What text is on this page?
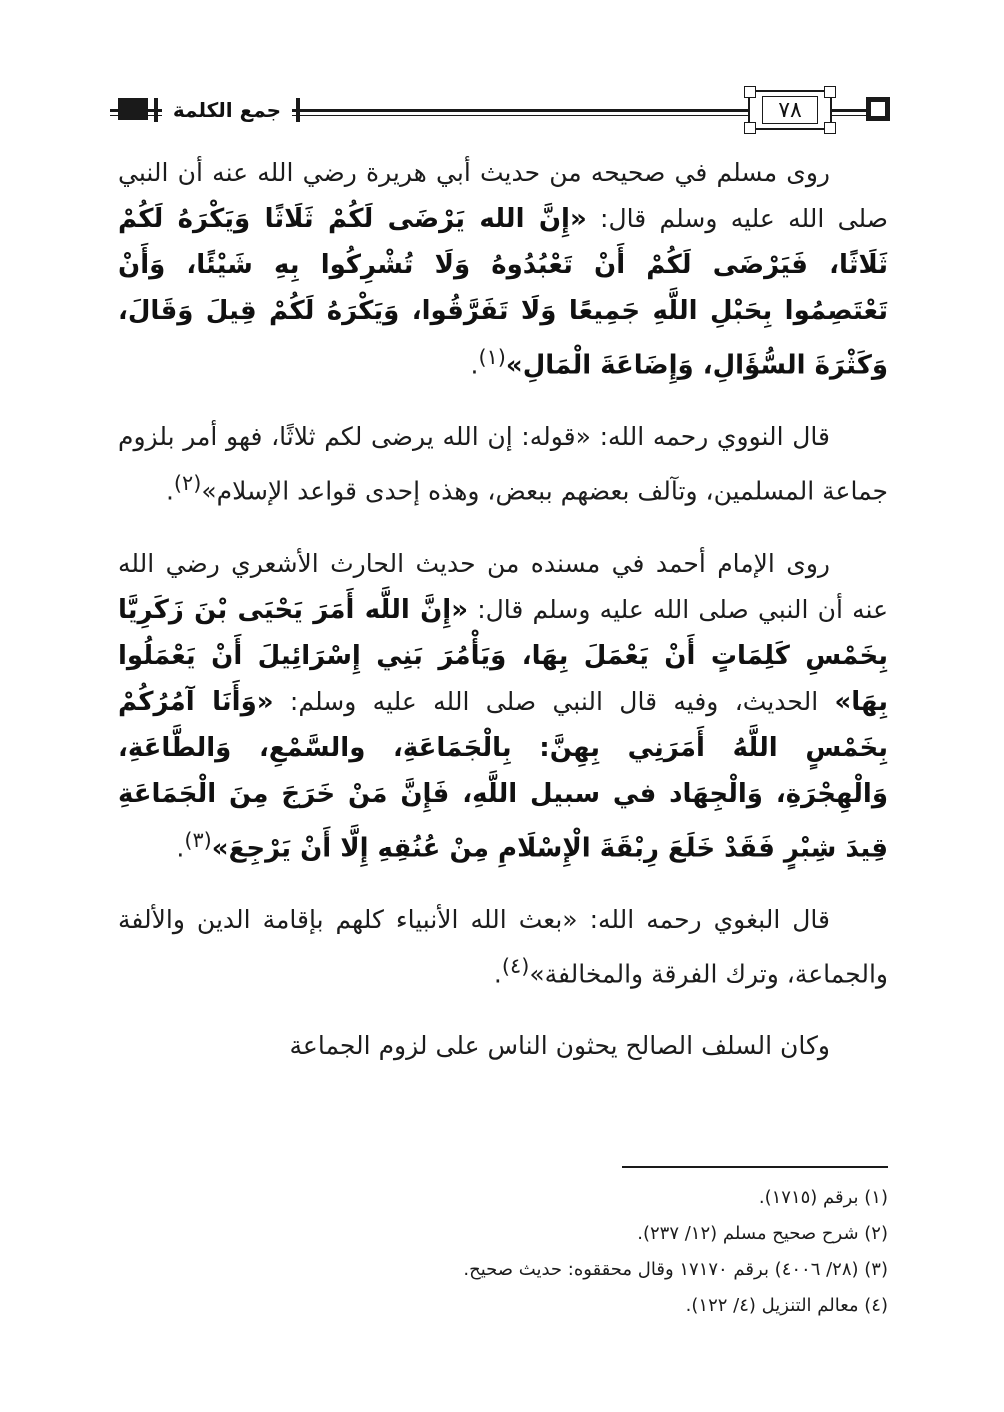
جمع الكلمة	٧٨

روى مسلم في صحيحه من حديث أبي هريرة رضي الله عنه أن النبي صلى الله عليه وسلم قال: «إِنَّ الله يَرْضَى لَكُمْ ثَلَاثًا وَيَكْرَهُ لَكُمْ ثَلَاثًا، فَيَرْضَى لَكُمْ أَنْ تَعْبُدُوهُ وَلَا تُشْرِكُوا بِهِ شَيْئًا، وَأَنْ تَعْتَصِمُوا بِحَبْلِ اللَّهِ جَمِيعًا وَلَا تَفَرَّقُوا، وَيَكْرَهُ لَكُمْ قِيلَ وَقَالَ، وَكَثْرَةَ السُّؤَالِ، وَإِضَاعَةَ الْمَالِ»$^{(١)}$.

قال النووي رحمه الله: «قوله: إن الله يرضى لكم ثلاثًا، فهو أمر بلزوم جماعة المسلمين، وتآلف بعضهم ببعض، وهذه إحدى قواعد الإسلام»$^{(٢)}$.

روى الإمام أحمد في مسنده من حديث الحارث الأشعري رضي الله عنه أن النبي صلى الله عليه وسلم قال: «إِنَّ اللَّه أَمَرَ يَحْيَى بْنَ زَكَرِيَّا بِخَمْسِ كَلِمَاتٍ أَنْ يَعْمَلَ بِهَا، وَيَأْمُرَ بَنِي إِسْرَائِيلَ أَنْ يَعْمَلُوا بِهَا» الحديث، وفيه قال النبي صلى الله عليه وسلم: «وَأَنَا آمُرُكُمْ بِخَمْسٍ اللَّهُ أَمَرَنِي بِهِنَّ: بِالْجَمَاعَةِ، والسَّمْعِ، وَالطَّاعَةِ، وَالْهِجْرَةِ، وَالْجِهَاد في سبيل اللَّهِ، فَإِنَّ مَنْ خَرَجَ مِنَ الْجَمَاعَةِ قِيدَ شِبْرٍ فَقَدْ خَلَعَ رِبْقَةَ الْإِسْلَامِ مِنْ عُنُقِهِ إِلَّا أَنْ يَرْجِعَ»$^{(٣)}$.

قال البغوي رحمه الله: «بعث الله الأنبياء كلهم بإقامة الدين والألفة والجماعة، وترك الفرقة والمخالفة»$^{(٤)}$.

وكان السلف الصالح يحثون الناس على لزوم الجماعة

(١) برقم (١٧١٥).
(٢) شرح صحيح مسلم (١٢/ ٢٣٧).
(٣) (٢٨/ ٤٠٠٦) برقم ١٧١٧٠ وقال محققوه: حديث صحيح.
(٤) معالم التنزيل (٤/ ١٢٢).
